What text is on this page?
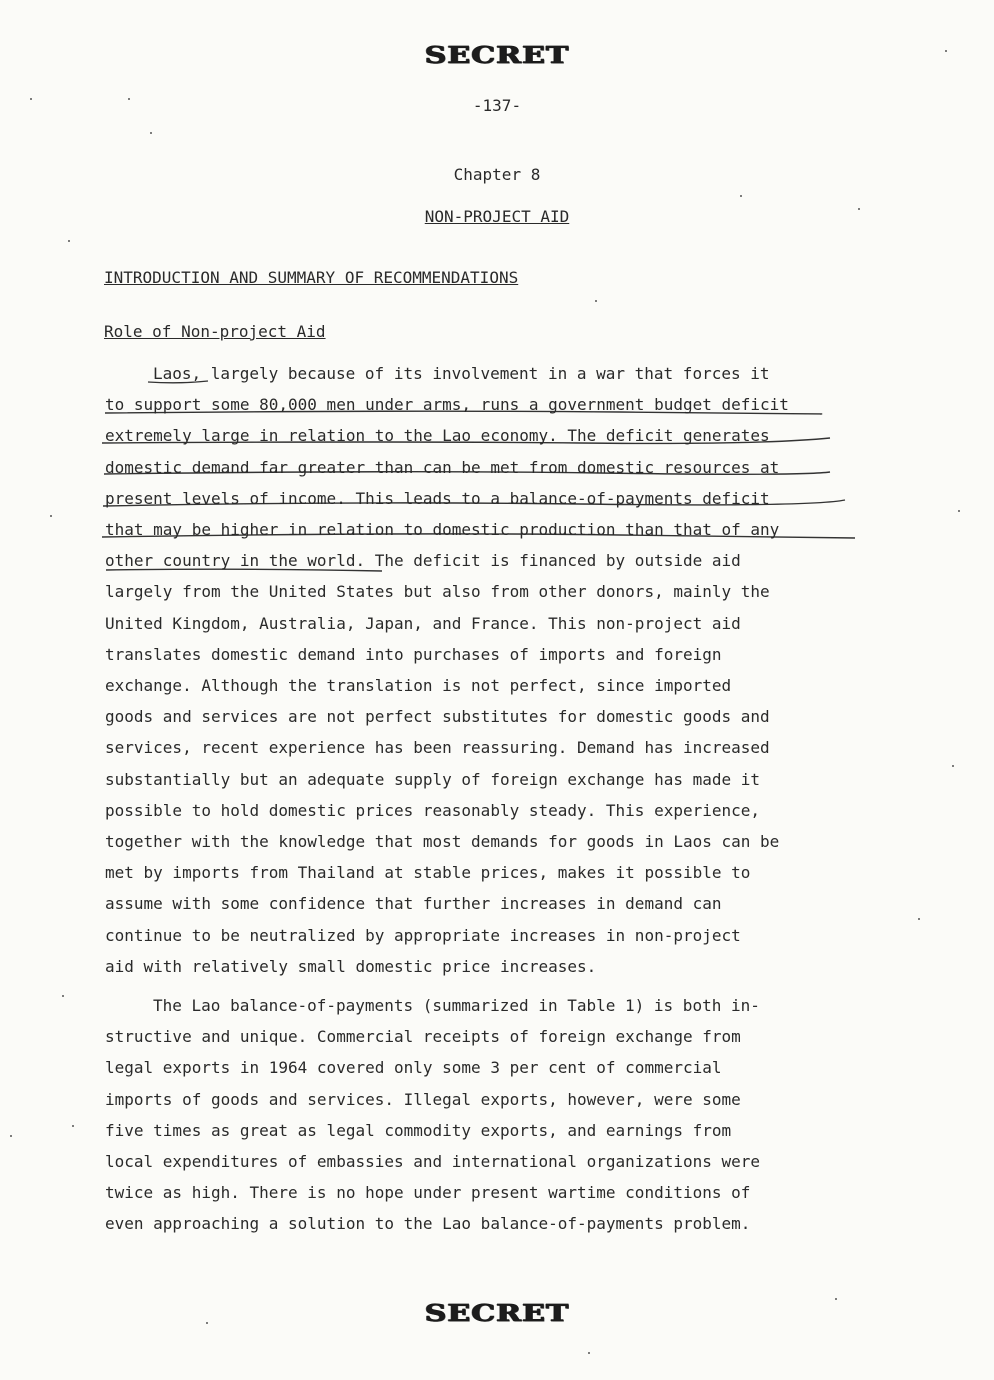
SECRET
-137-
Chapter 8
NON-PROJECT AID
INTRODUCTION AND SUMMARY OF RECOMMENDATIONS
Role of Non-project Aid

Laos, largely because of its involvement in a war that forces it
to support some 80,000 men under arms, runs a government budget deficit
extremely large in relation to the Lao economy. The deficit generates
domestic demand far greater than can be met from domestic resources at
present levels of income. This leads to a balance-of-payments deficit
that may be higher in relation to domestic production than that of any
other country in the world. The deficit is financed by outside aid
largely from the United States but also from other donors, mainly the
United Kingdom, Australia, Japan, and France. This non-project aid
translates domestic demand into purchases of imports and foreign
exchange. Although the translation is not perfect, since imported
goods and services are not perfect substitutes for domestic goods and
services, recent experience has been reassuring. Demand has increased
substantially but an adequate supply of foreign exchange has made it
possible to hold domestic prices reasonably steady. This experience,
together with the knowledge that most demands for goods in Laos can be
met by imports from Thailand at stable prices, makes it possible to
assume with some confidence that further increases in demand can
continue to be neutralized by appropriate increases in non-project
aid with relatively small domestic price increases.

The Lao balance-of-payments (summarized in Table 1) is both in-
structive and unique. Commercial receipts of foreign exchange from
legal exports in 1964 covered only some 3 per cent of commercial
imports of goods and services. Illegal exports, however, were some
five times as great as legal commodity exports, and earnings from
local expenditures of embassies and international organizations were
twice as high. There is no hope under present wartime conditions of
even approaching a solution to the Lao balance-of-payments problem.

SECRET
